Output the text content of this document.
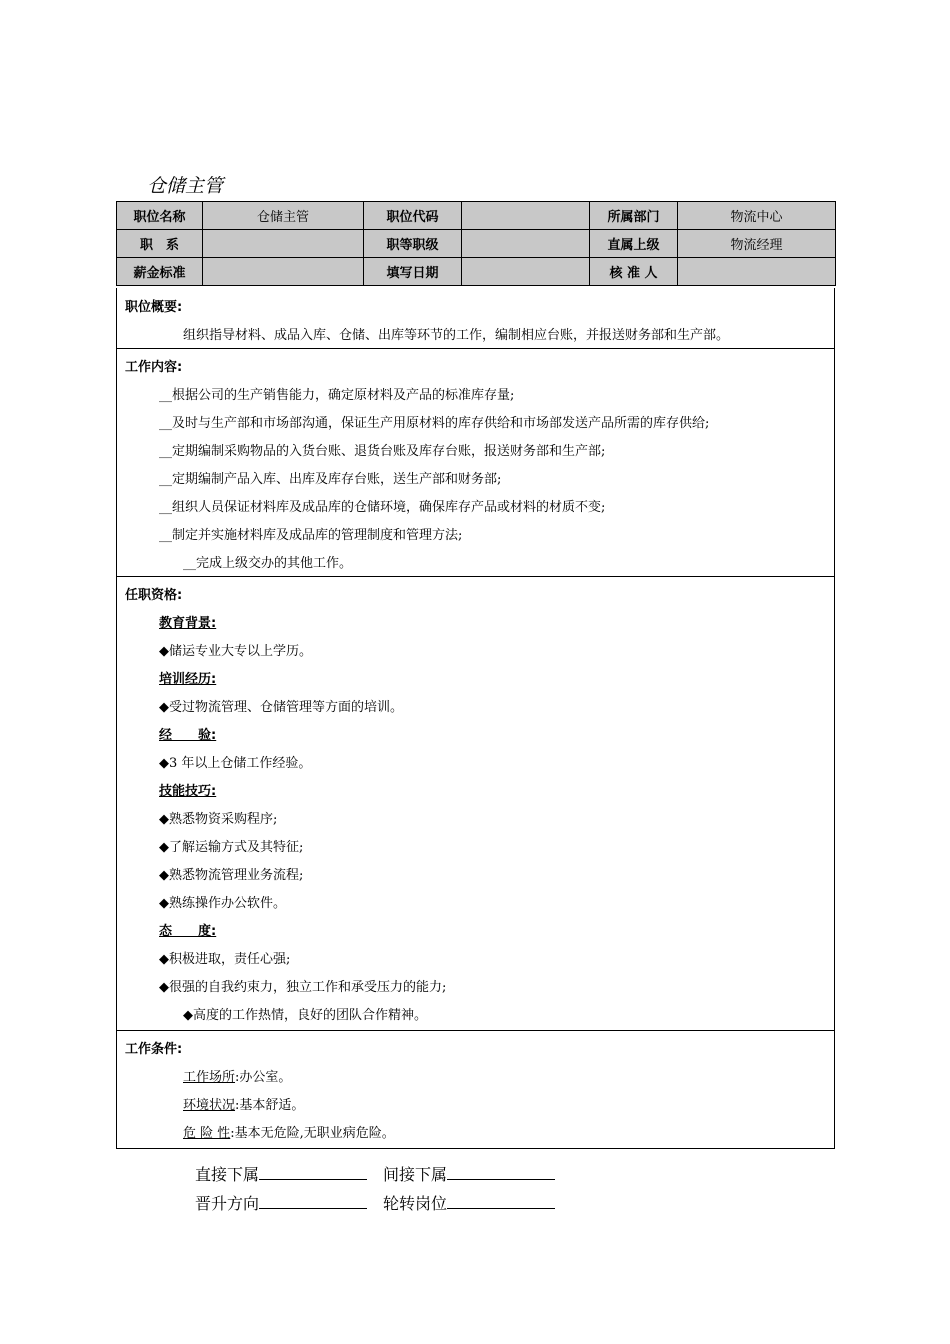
仓储主管
职位名称	仓储主管	职位代码		所属部门	物流中心
职　系		职等职级		直属上级	物流经理
薪金标准		填写日期		核 准 人	
职位概要:
组织指导材料、成品入库、仓储、出库等环节的工作，编制相应台账，并报送财务部和生产部。
工作内容:
__根据公司的生产销售能力，确定原材料及产品的标准库存量;
__及时与生产部和市场部沟通，保证生产用原材料的库存供给和市场部发送产品所需的库存供给;
__定期编制采购物品的入货台账、退货台账及库存台账，报送财务部和生产部;
__定期编制产品入库、出库及库存台账，送生产部和财务部;
__组织人员保证材料库及成品库的仓储环境，确保库存产品或材料的材质不变;
__制定并实施材料库及成品库的管理制度和管理方法;
__完成上级交办的其他工作。
任职资格:
教育背景:
◆储运专业大专以上学历。
培训经历:
◆受过物流管理、仓储管理等方面的培训。
经　　验:
◆3 年以上仓储工作经验。
技能技巧:
◆熟悉物资采购程序;
◆了解运输方式及其特征;
◆熟悉物流管理业务流程;
◆熟练操作办公软件。
态　　度:
◆积极进取，责任心强;
◆很强的自我约束力，独立工作和承受压力的能力;
◆高度的工作热情，良好的团队合作精神。
工作条件:
工作场所:办公室。
环境状况:基本舒适。
危 险 性:基本无危险,无职业病危险。
直接下属	间接下属
晋升方向	轮转岗位
